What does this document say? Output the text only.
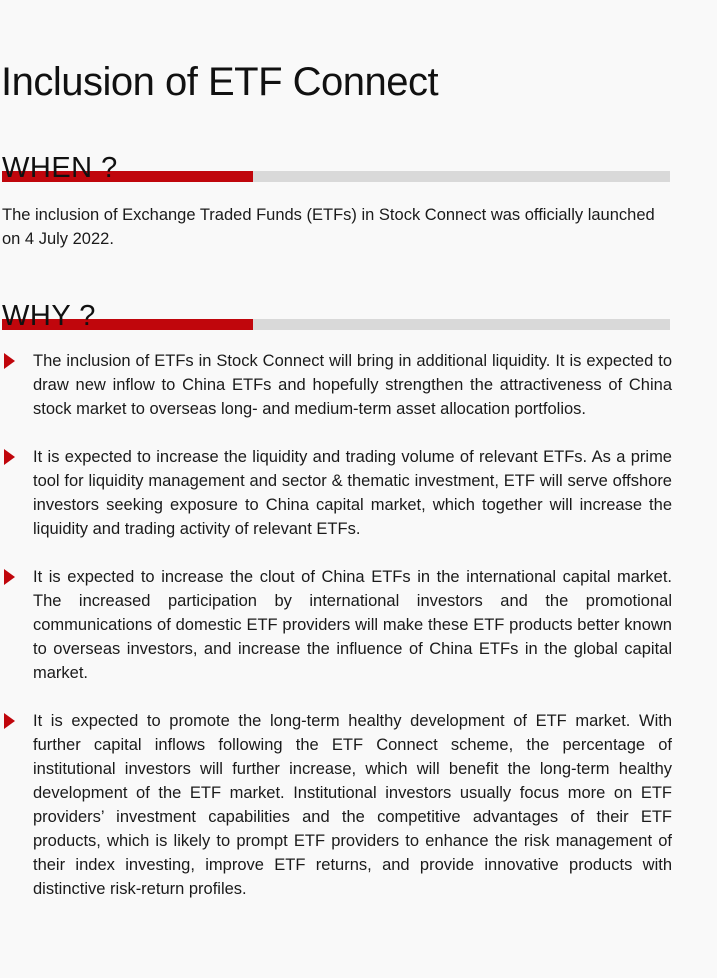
Inclusion of ETF Connect
WHEN ?

The inclusion of Exchange Traded Funds (ETFs) in Stock Connect was officially launched on 4 July 2022.

WHY ?
The inclusion of ETFs in Stock Connect will bring in additional liquidity. It is expected to draw new inflow to China ETFs and hopefully strengthen the attractiveness of China stock market to overseas long- and medium-term asset allocation portfolios.
It is expected to increase the liquidity and trading volume of relevant ETFs. As a prime tool for liquidity management and sector & thematic investment, ETF will serve offshore investors seeking exposure to China capital market, which together will increase the liquidity and trading activity of relevant ETFs.
It is expected to increase the clout of China ETFs in the international capital market. The increased participation by international investors and the promotional communications of domestic ETF providers will make these ETF products better known to overseas investors, and increase the influence of China ETFs in the global capital market.
It is expected to promote the long-term healthy development of ETF market. With further capital inflows following the ETF Connect scheme, the percentage of institutional investors will further increase, which will benefit the long-term healthy development of the ETF market. Institutional investors usually focus more on ETF providers’ investment capabilities and the competitive advantages of their ETF products, which is likely to prompt ETF providers to enhance the risk management of their index investing, improve ETF returns, and provide innovative products with distinctive risk-return profiles.
